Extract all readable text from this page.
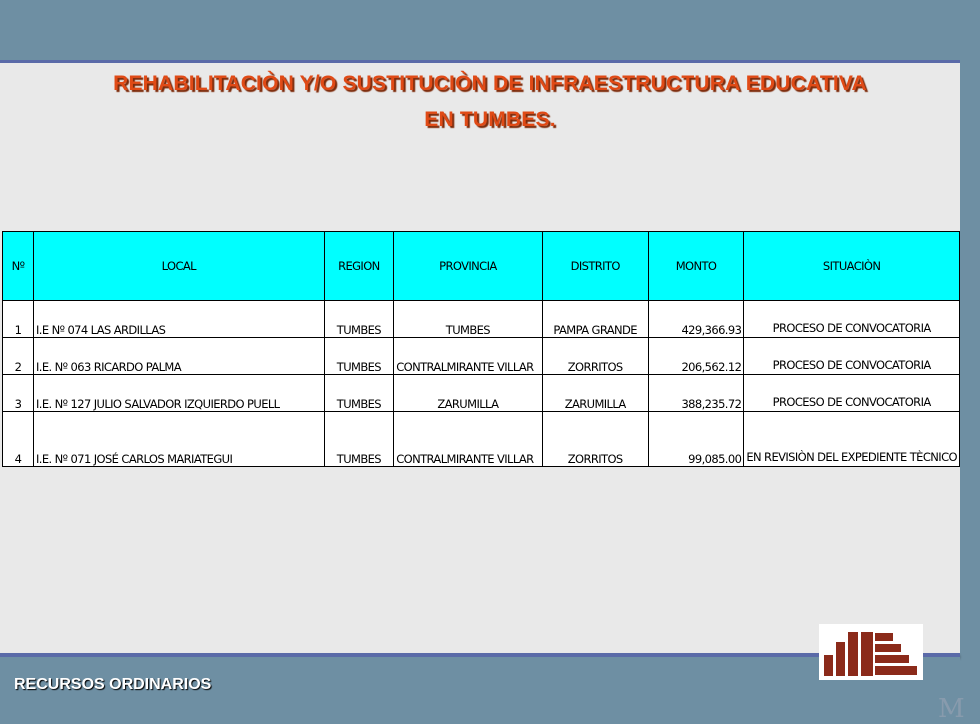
REHABILITACIÒN Y/O SUSTITUCIÒN DE INFRAESTRUCTURA EDUCATIVA
EN TUMBES.
Nº	LOCAL	REGION	PROVINCIA	DISTRITO	MONTO	SITUACIÒN
1	I.E Nº 074 LAS ARDILLAS	TUMBES	TUMBES	PAMPA GRANDE	429,366.93	PROCESO DE CONVOCATORIA
2	I.E. Nº 063 RICARDO PALMA	TUMBES	CONTRALMIRANTE VILLAR	ZORRITOS	206,562.12	PROCESO DE CONVOCATORIA
3	I.E. Nº 127 JULIO SALVADOR IZQUIERDO PUELL	TUMBES	ZARUMILLA	ZARUMILLA	388,235.72	PROCESO DE CONVOCATORIA
4	I.E. Nº 071 JOSÉ CARLOS MARIATEGUI	TUMBES	CONTRALMIRANTE VILLAR	ZORRITOS	99,085.00	EN REVISIÒN DEL EXPEDIENTE TÈCNICO
RECURSOS ORDINARIOS
M
